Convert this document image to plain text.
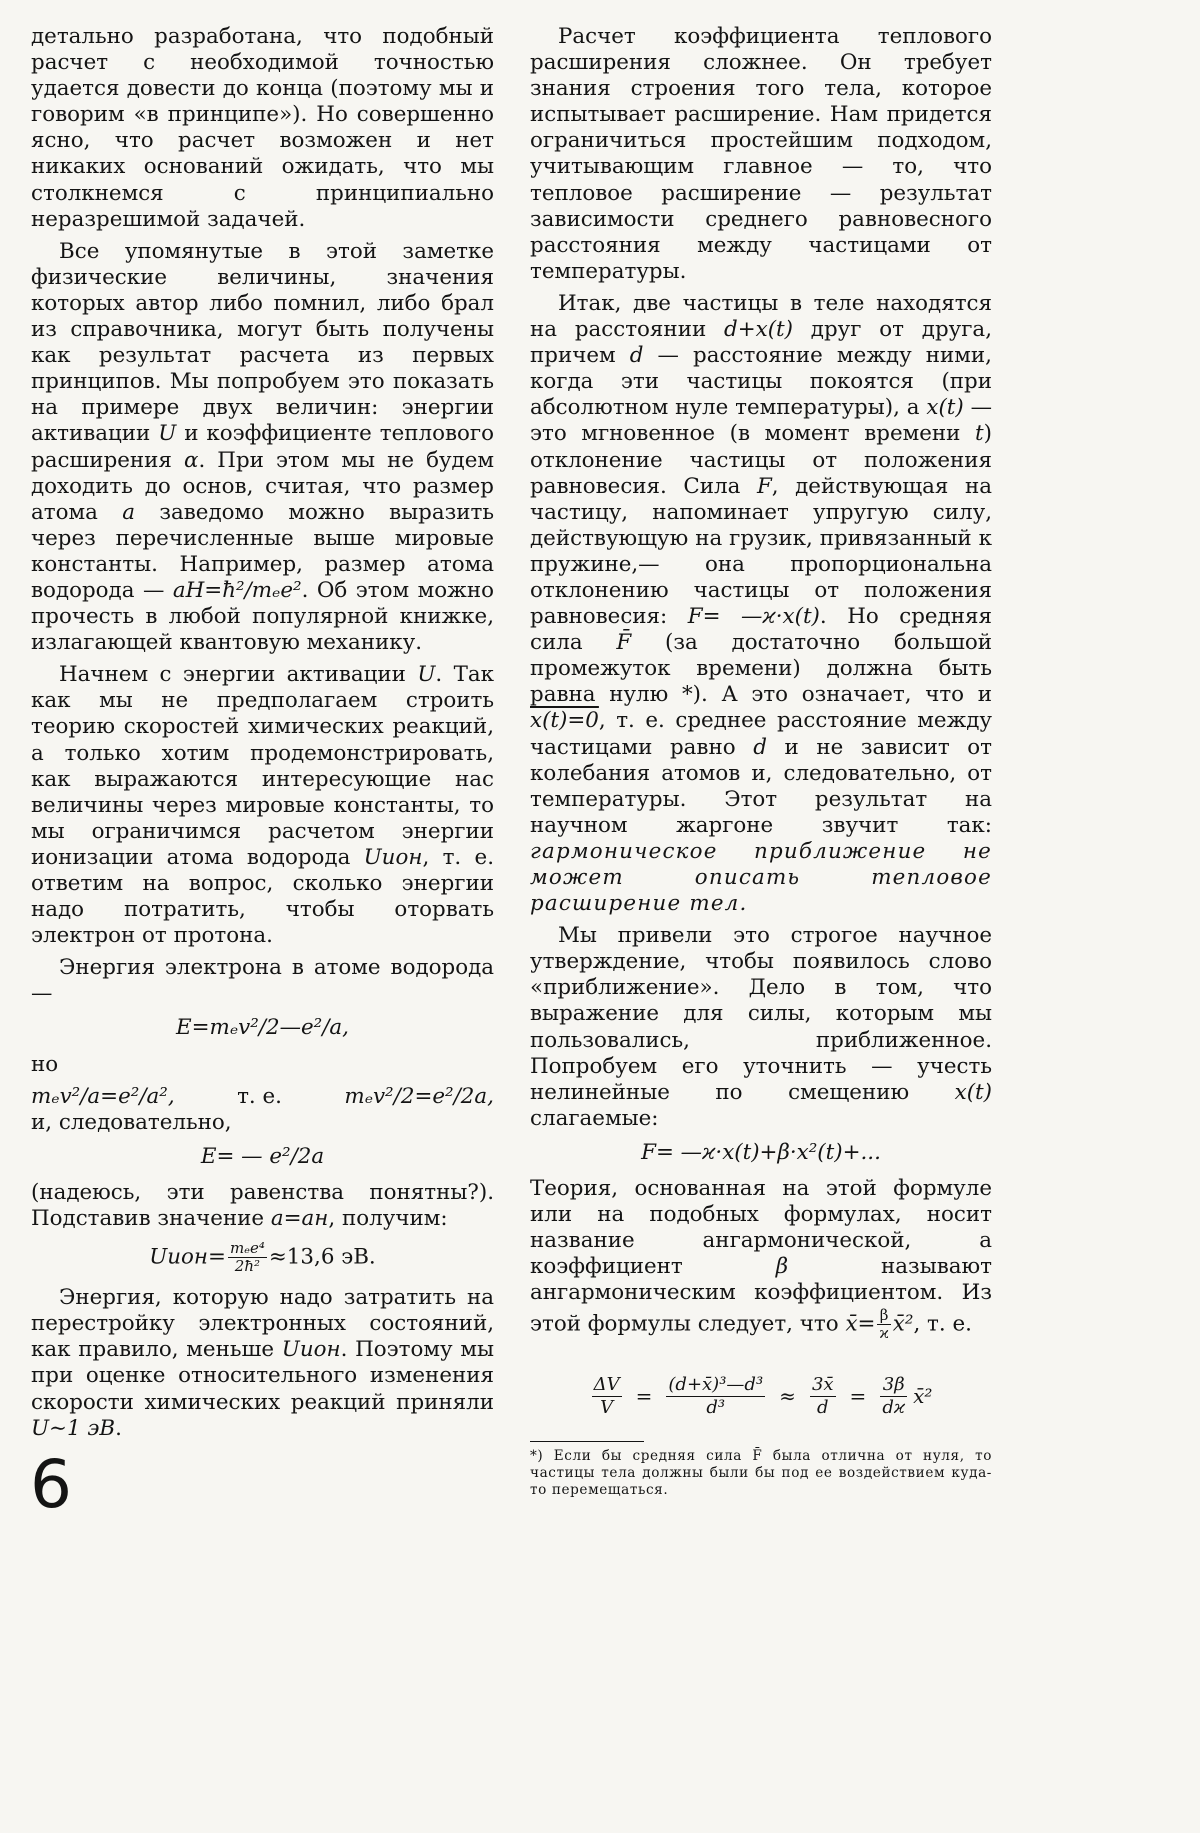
детально разработана, что подобный расчет с необходимой точностью удается довести до конца (поэтому мы и говорим «в принципе»). Но совершенно ясно, что расчет возможен и нет никаких оснований ожидать, что мы столкнемся с принципиально неразрешимой задачей.

Все упомянутые в этой заметке физические величины, значения которых автор либо помнил, либо брал из справочника, могут быть получены как результат расчета из первых принципов. Мы попробуем это показать на примере двух величин: энергии активации U и коэффициенте теплового расширения α. При этом мы не будем доходить до основ, считая, что размер атома a заведомо можно выразить через перечисленные выше мировые константы. Например, размер атома водорода — aH=ħ²/mₑe². Об этом можно прочесть в любой популярной книжке, излагающей квантовую механику.

Начнем с энергии активации U. Так как мы не предполагаем строить теорию скоростей химических реакций, а только хотим продемонстрировать, как выражаются интересующие нас величины через мировые константы, то мы ограничимся расчетом энергии ионизации атома водорода Uион, т. е. ответим на вопрос, сколько энергии надо потратить, чтобы оторвать электрон от протона.

Энергия электрона в атоме водорода —

E=mₑv²/2—e²/a,

но

mₑv²/a=e²/a²,	т. е.	mₑv²/2=e²/2a,

и, следовательно,

E= — e²/2a

(надеюсь, эти равенства понятны?). Подставив значение a=aн, получим:

Uион= $\frac{\text{mₑe⁴}}{\text{2ħ²}} \approx 13,6$ эВ.

Энергия, которую надо затратить на перестройку электронных состояний, как правило, меньше Uион. Поэтому мы при оценке относительного изменения скорости химических реакций приняли U∼1 эВ.

Расчет коэффициента теплового расширения сложнее. Он требует знания строения того тела, которое испытывает расширение. Нам придется ограничиться простейшим подходом, учитывающим главное — то, что тепловое расширение — результат зависимости среднего равновесного расстояния между частицами от температуры.

Итак, две частицы в теле находятся на расстоянии d+x(t) друг от друга, причем d — расстояние между ними, когда эти частицы покоятся (при абсолютном нуле температуры), а x(t) — это мгновенное (в момент времени t) отклонение частицы от положения равновесия. Сила F, действующая на частицу, напоминает упругую силу, действующую на грузик, привязанный к пружине,— она пропорциональна отклонению частицы от положения равновесия: F= —ϰ·x(t). Но средняя сила F̄ (за достаточно большой промежуток времени) должна быть равна нулю *). А это означает, что и x(t)=0, т. е. среднее расстояние между частицами равно d и не зависит от колебания атомов и, следовательно, от температуры. Этот результат на научном жаргоне звучит так: гармоническое приближение не может описать тепловое расширение тел.

Мы привели это строгое научное утверждение, чтобы появилось слово «приближение». Дело в том, что выражение для силы, которым мы пользовались, приближенное. Попробуем его уточнить — учесть нелинейные по смещению x(t) слагаемые:

F= —ϰ·x(t)+β·x²(t)+...

Теория, основанная на этой формуле или на подобных формулах, носит название ангармонической, а коэффициент β называют ангармоническим коэффициентом. Из этой формулы следует, что x̄= $\frac{\beta}{ϰ}$ x̄², т. е.

$\frac{\Delta V}{V} = \frac{\text{(d+x̄)³—d³}}{\text{d³}} \approx \frac{3x̄}{d} = \frac{3\beta}{dϰ}$ x̄²

*) Если бы средняя сила F̄ была отлична от нуля, то частицы тела должны были бы под ее воздействием куда-то перемещаться.

6
